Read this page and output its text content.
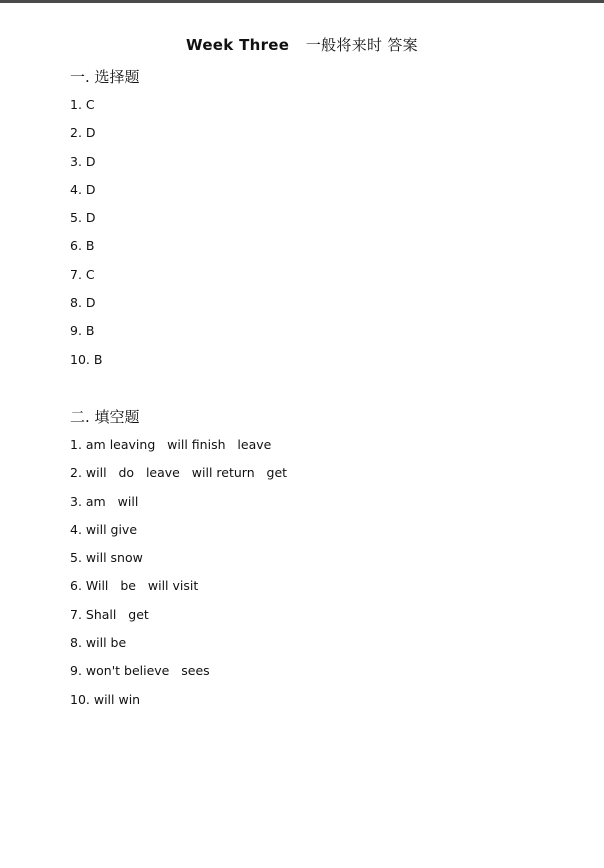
Week Three 一般将来时 答案
一. 选择题
1. C
2. D
3. D
4. D
5. D
6. B
7. C
8. D
9. B
10. B
二. 填空题
1. am leaving   will finish   leave
2. will   do   leave   will return   get
3. am   will
4. will give
5. will snow
6. Will   be   will visit
7. Shall   get
8. will be
9. won't believe   sees
10. will win
